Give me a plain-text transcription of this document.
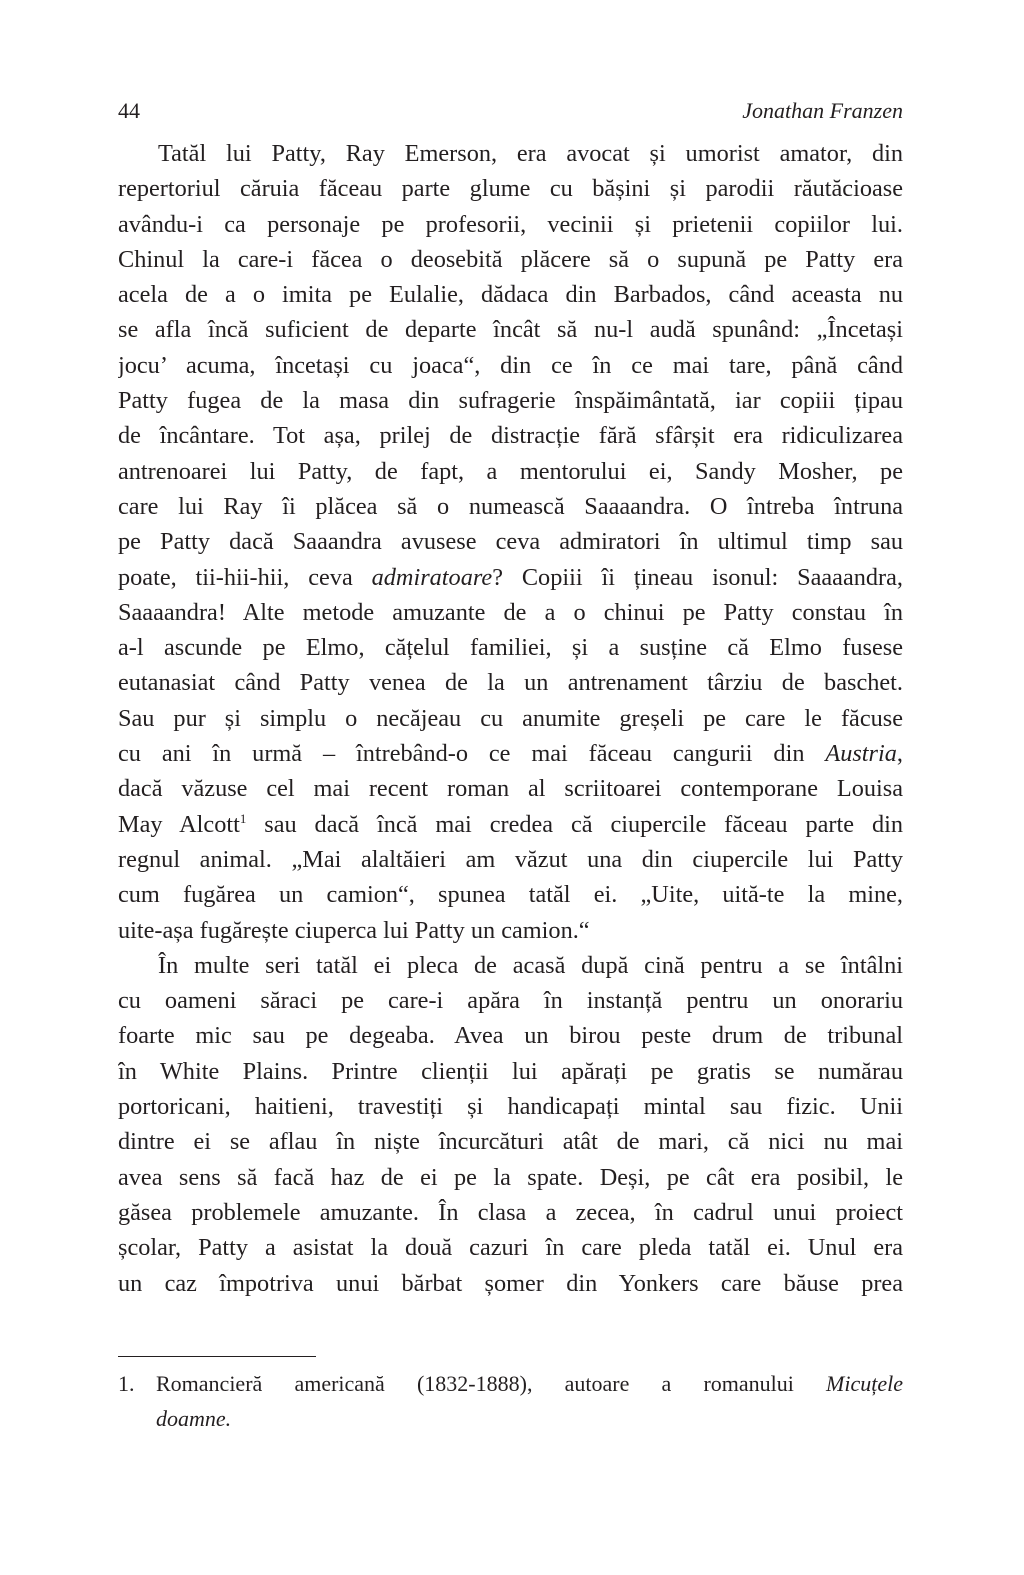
44	Jonathan Franzen
Tatăl lui Patty, Ray Emerson, era avocat și umorist amator, din
repertoriul căruia făceau parte glume cu bășini și parodii răutăcioase
avându-i ca personaje pe profesorii, vecinii și prietenii copiilor lui.
Chinul la care-i făcea o deosebită plăcere să o supună pe Patty era
acela de a o imita pe Eulalie, dădaca din Barbados, când aceasta nu
se afla încă suficient de departe încât să nu-l audă spunând: „Încetași
jocu’ acuma, încetași cu joaca“, din ce în ce mai tare, până când
Patty fugea de la masa din sufragerie înspăimântată, iar copiii țipau
de încântare. Tot așa, prilej de distracție fără sfârșit era ridiculizarea
antrenoarei lui Patty, de fapt, a mentorului ei, Sandy Mosher, pe
care lui Ray îi plăcea să o numească Saaaandra. O întreba întruna
pe Patty dacă Saaandra avusese ceva admiratori în ultimul timp sau
poate, tii-hii-hii, ceva admiratoare? Copiii îi țineau isonul: Saaaandra,
Saaaandra! Alte metode amuzante de a o chinui pe Patty constau în
a-l ascunde pe Elmo, cățelul familiei, și a susține că Elmo fusese
eutanasiat când Patty venea de la un antrenament târziu de baschet.
Sau pur și simplu o necăjeau cu anumite greșeli pe care le făcuse
cu ani în urmă – întrebând-o ce mai făceau cangurii din Austria,
dacă văzuse cel mai recent roman al scriitoarei contemporane Louisa
May Alcott$^1$ sau dacă încă mai credea că ciupercile făceau parte din
regnul animal. „Mai alaltăieri am văzut una din ciupercile lui Patty
cum fugărea un camion“, spunea tatăl ei. „Uite, uită-te la mine,
uite-așa fugărește ciuperca lui Patty un camion.“
În multe seri tatăl ei pleca de acasă după cină pentru a se întâlni
cu oameni săraci pe care-i apăra în instanță pentru un onorariu
foarte mic sau pe degeaba. Avea un birou peste drum de tribunal
în White Plains. Printre clienții lui apărați pe gratis se numărau
portoricani, haitieni, travestiți și handicapați mintal sau fizic. Unii
dintre ei se aflau în niște încurcături atât de mari, că nici nu mai
avea sens să facă haz de ei pe la spate. Deși, pe cât era posibil, le
găsea problemele amuzante. În clasa a zecea, în cadrul unui proiect
școlar, Patty a asistat la două cazuri în care pleda tatăl ei. Unul era
un caz împotriva unui bărbat șomer din Yonkers care băuse prea
1. Romancieră americană (1832-1888), autoare a romanului Micuțele
doamne.
